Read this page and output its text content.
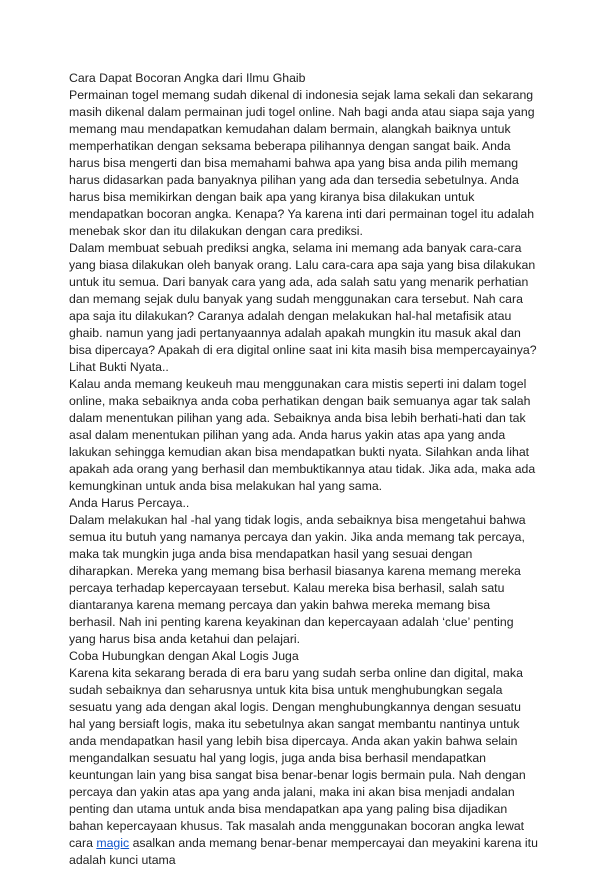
Cara Dapat Bocoran Angka dari Ilmu Ghaib

Permainan togel memang sudah dikenal di indonesia sejak lama sekali dan sekarang masih dikenal dalam permainan judi togel online. Nah bagi anda atau siapa saja yang memang mau mendapatkan kemudahan dalam bermain, alangkah baiknya untuk memperhatikan dengan seksama beberapa pilihannya dengan sangat baik. Anda harus bisa mengerti dan bisa memahami bahwa apa yang bisa anda pilih memang harus didasarkan pada banyaknya pilihan yang ada dan tersedia sebetulnya. Anda harus bisa memikirkan dengan baik apa yang kiranya bisa dilakukan untuk mendapatkan bocoran angka. Kenapa? Ya karena inti dari permainan togel itu adalah menebak skor dan itu dilakukan dengan cara prediksi.

Dalam membuat sebuah prediksi angka, selama ini memang ada banyak cara-cara yang biasa dilakukan oleh banyak orang. Lalu cara-cara apa saja yang bisa dilakukan untuk itu semua. Dari banyak cara yang ada, ada salah satu yang menarik perhatian dan memang sejak dulu banyak yang sudah menggunakan cara tersebut. Nah cara apa saja itu dilakukan? Caranya adalah dengan melakukan hal-hal metafisik atau ghaib. namun yang jadi pertanyaannya adalah apakah mungkin itu masuk akal dan bisa dipercaya? Apakah di era digital online saat ini kita masih bisa mempercayainya?

Lihat Bukti Nyata..

Kalau anda memang keukeuh mau menggunakan cara mistis seperti ini dalam togel online, maka sebaiknya anda coba perhatikan dengan baik semuanya agar tak salah dalam menentukan pilihan yang ada. Sebaiknya anda bisa lebih berhati-hati dan tak asal dalam menentukan pilihan yang ada. Anda harus yakin atas apa yang anda lakukan sehingga kemudian akan bisa mendapatkan bukti nyata. Silahkan anda lihat apakah ada orang yang berhasil dan membuktikannya atau tidak. Jika ada, maka ada kemungkinan untuk anda bisa melakukan hal yang sama.

Anda Harus Percaya..

Dalam melakukan hal -hal yang tidak logis, anda sebaiknya bisa mengetahui bahwa semua itu butuh yang namanya percaya dan yakin. Jika anda memang tak percaya, maka tak mungkin juga anda bisa mendapatkan hasil yang sesuai dengan diharapkan. Mereka yang memang bisa berhasil biasanya karena memang mereka percaya terhadap kepercayaan tersebut. Kalau mereka bisa berhasil, salah satu diantaranya karena memang percaya dan yakin bahwa mereka memang bisa berhasil. Nah ini penting karena keyakinan dan kepercayaan adalah ‘clue’ penting yang harus bisa anda ketahui dan pelajari.

Coba Hubungkan dengan Akal Logis Juga

Karena kita sekarang berada di era baru yang sudah serba online dan digital, maka sudah sebaiknya dan seharusnya untuk kita bisa untuk menghubungkan segala sesuatu yang ada dengan akal logis. Dengan menghubungkannya dengan sesuatu hal yang bersiaft logis, maka itu sebetulnya akan sangat membantu nantinya untuk anda mendapatkan hasil yang lebih bisa dipercaya. Anda akan yakin bahwa selain mengandalkan sesuatu hal yang logis, juga anda bisa berhasil mendapatkan keuntungan lain yang bisa sangat bisa benar-benar logis bermain pula. Nah dengan percaya dan yakin atas apa yang anda jalani, maka ini akan bisa menjadi andalan penting dan utama untuk anda bisa mendapatkan apa yang paling bisa dijadikan bahan kepercayaan khusus. Tak masalah anda menggunakan bocoran angka lewat cara magic asalkan anda memang benar-benar mempercayai dan meyakini karena itu adalah kunci utama
